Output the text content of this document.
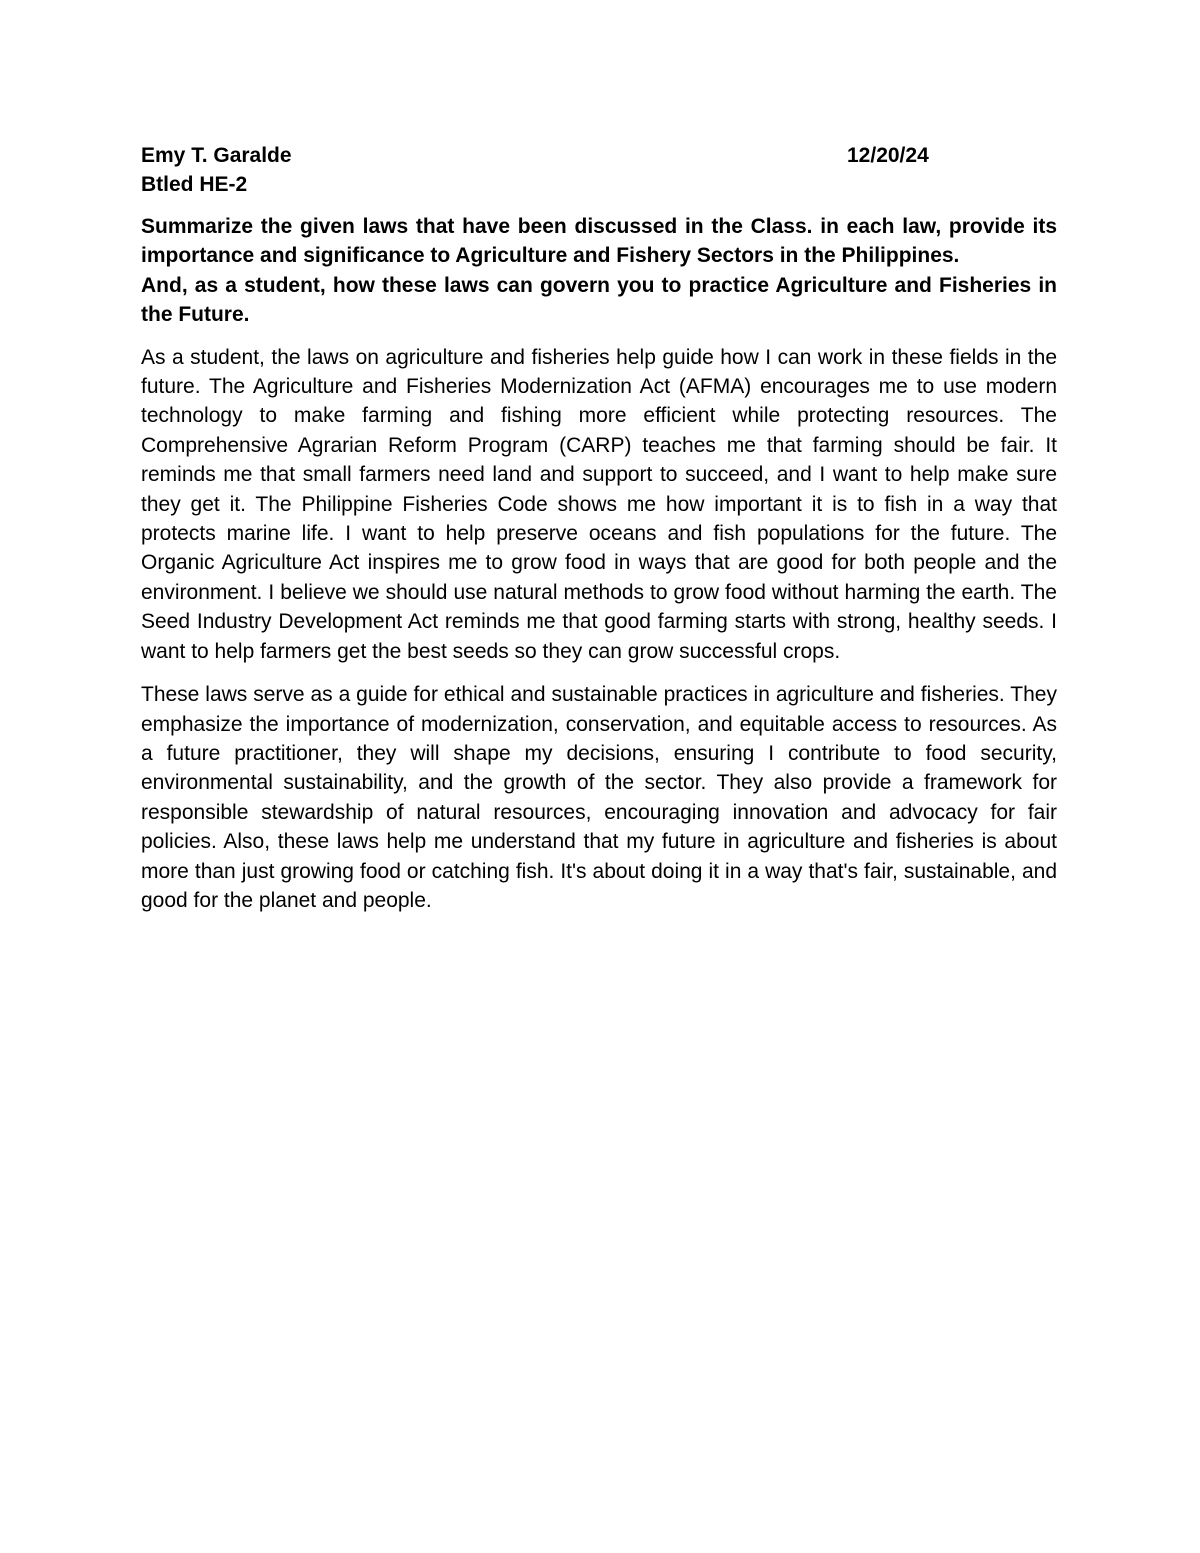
Emy T. Garalde	12/20/24
Btled HE-2

Summarize the given laws that have been discussed in the Class. in each law, provide its importance and significance to Agriculture and Fishery Sectors in the Philippines.

And, as a student, how these laws can govern you to practice Agriculture and Fisheries in the Future.

As a student, the laws on agriculture and fisheries help guide how I can work in these fields in the future. The Agriculture and Fisheries Modernization Act (AFMA) encourages me to use modern technology to make farming and fishing more efficient while protecting resources. The Comprehensive Agrarian Reform Program (CARP) teaches me that farming should be fair. It reminds me that small farmers need land and support to succeed, and I want to help make sure they get it. The Philippine Fisheries Code shows me how important it is to fish in a way that protects marine life. I want to help preserve oceans and fish populations for the future. The Organic Agriculture Act inspires me to grow food in ways that are good for both people and the environment. I believe we should use natural methods to grow food without harming the earth. The Seed Industry Development Act reminds me that good farming starts with strong, healthy seeds. I want to help farmers get the best seeds so they can grow successful crops.

These laws serve as a guide for ethical and sustainable practices in agriculture and fisheries. They emphasize the importance of modernization, conservation, and equitable access to resources. As a future practitioner, they will shape my decisions, ensuring I contribute to food security, environmental sustainability, and the growth of the sector. They also provide a framework for responsible stewardship of natural resources, encouraging innovation and advocacy for fair policies. Also, these laws help me understand that my future in agriculture and fisheries is about more than just growing food or catching fish. It's about doing it in a way that's fair, sustainable, and good for the planet and people.
